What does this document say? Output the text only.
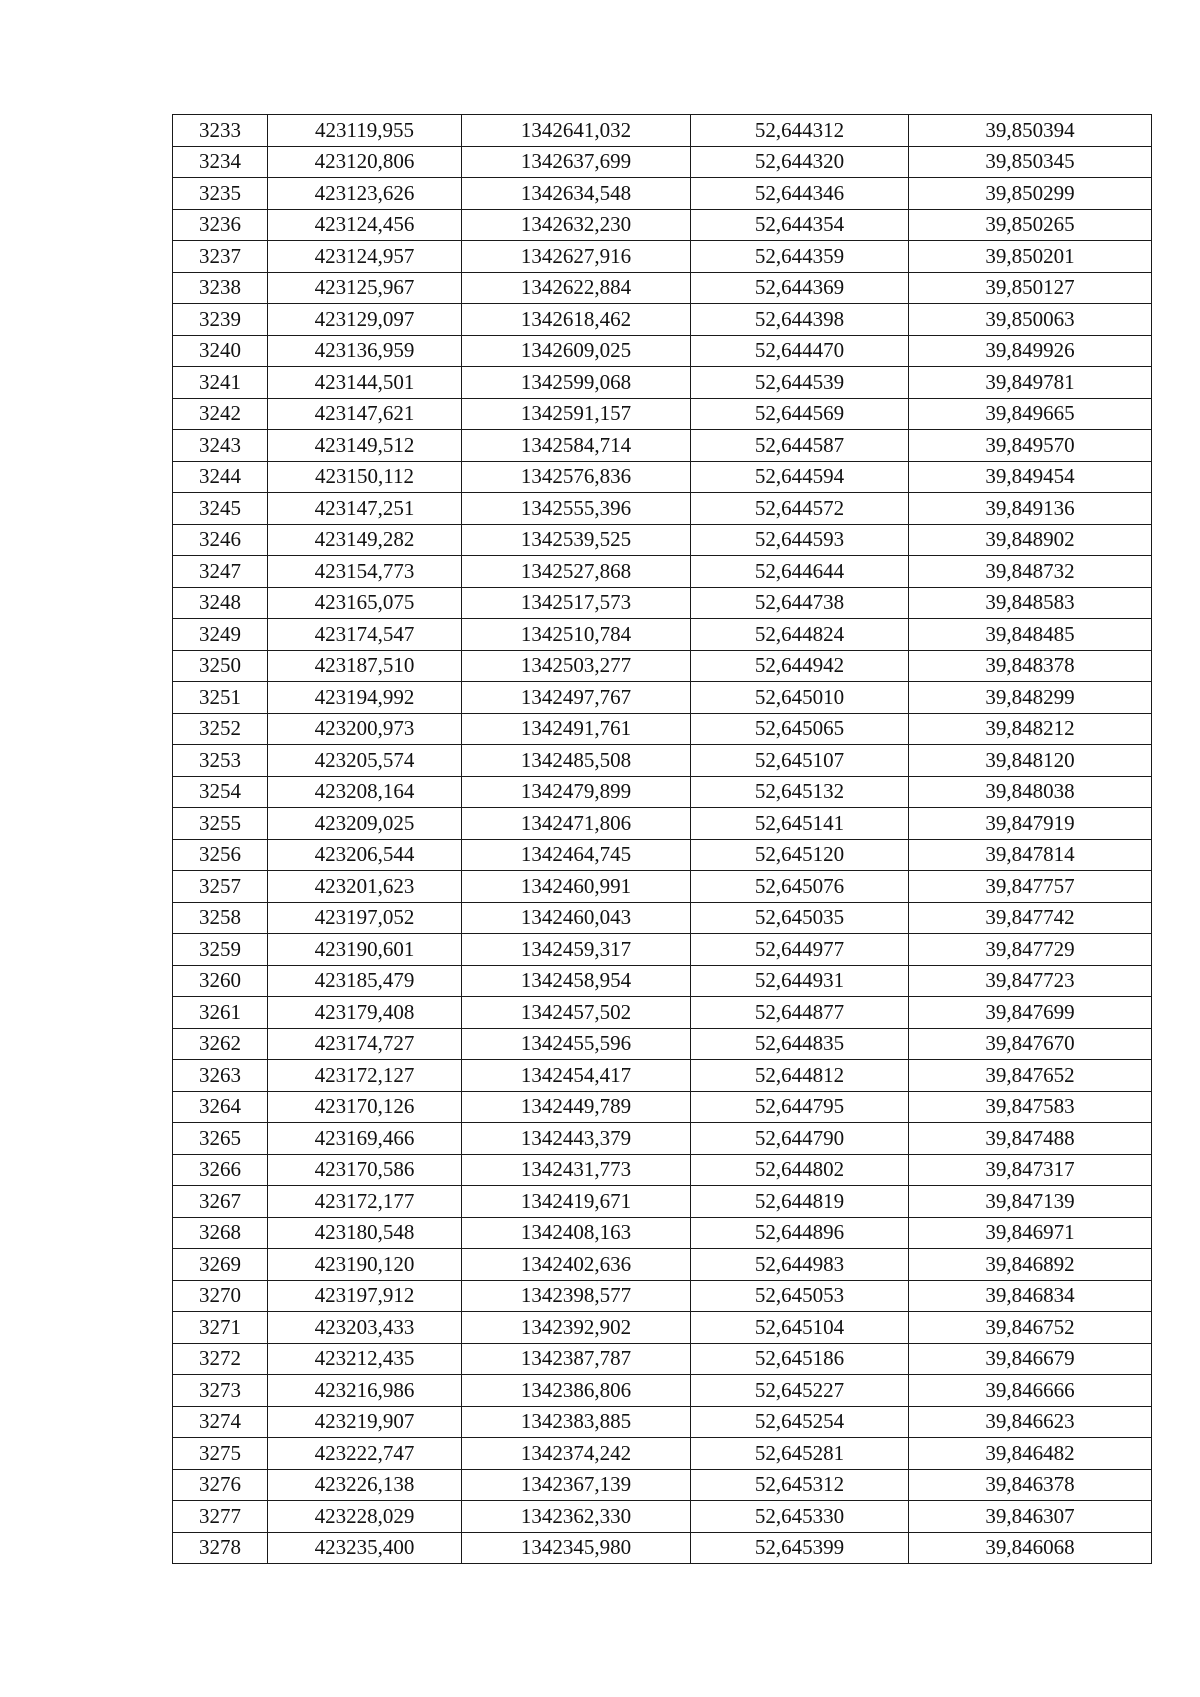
3233	423119,955	1342641,032	52,644312	39,850394
3234	423120,806	1342637,699	52,644320	39,850345
3235	423123,626	1342634,548	52,644346	39,850299
3236	423124,456	1342632,230	52,644354	39,850265
3237	423124,957	1342627,916	52,644359	39,850201
3238	423125,967	1342622,884	52,644369	39,850127
3239	423129,097	1342618,462	52,644398	39,850063
3240	423136,959	1342609,025	52,644470	39,849926
3241	423144,501	1342599,068	52,644539	39,849781
3242	423147,621	1342591,157	52,644569	39,849665
3243	423149,512	1342584,714	52,644587	39,849570
3244	423150,112	1342576,836	52,644594	39,849454
3245	423147,251	1342555,396	52,644572	39,849136
3246	423149,282	1342539,525	52,644593	39,848902
3247	423154,773	1342527,868	52,644644	39,848732
3248	423165,075	1342517,573	52,644738	39,848583
3249	423174,547	1342510,784	52,644824	39,848485
3250	423187,510	1342503,277	52,644942	39,848378
3251	423194,992	1342497,767	52,645010	39,848299
3252	423200,973	1342491,761	52,645065	39,848212
3253	423205,574	1342485,508	52,645107	39,848120
3254	423208,164	1342479,899	52,645132	39,848038
3255	423209,025	1342471,806	52,645141	39,847919
3256	423206,544	1342464,745	52,645120	39,847814
3257	423201,623	1342460,991	52,645076	39,847757
3258	423197,052	1342460,043	52,645035	39,847742
3259	423190,601	1342459,317	52,644977	39,847729
3260	423185,479	1342458,954	52,644931	39,847723
3261	423179,408	1342457,502	52,644877	39,847699
3262	423174,727	1342455,596	52,644835	39,847670
3263	423172,127	1342454,417	52,644812	39,847652
3264	423170,126	1342449,789	52,644795	39,847583
3265	423169,466	1342443,379	52,644790	39,847488
3266	423170,586	1342431,773	52,644802	39,847317
3267	423172,177	1342419,671	52,644819	39,847139
3268	423180,548	1342408,163	52,644896	39,846971
3269	423190,120	1342402,636	52,644983	39,846892
3270	423197,912	1342398,577	52,645053	39,846834
3271	423203,433	1342392,902	52,645104	39,846752
3272	423212,435	1342387,787	52,645186	39,846679
3273	423216,986	1342386,806	52,645227	39,846666
3274	423219,907	1342383,885	52,645254	39,846623
3275	423222,747	1342374,242	52,645281	39,846482
3276	423226,138	1342367,139	52,645312	39,846378
3277	423228,029	1342362,330	52,645330	39,846307
3278	423235,400	1342345,980	52,645399	39,846068
